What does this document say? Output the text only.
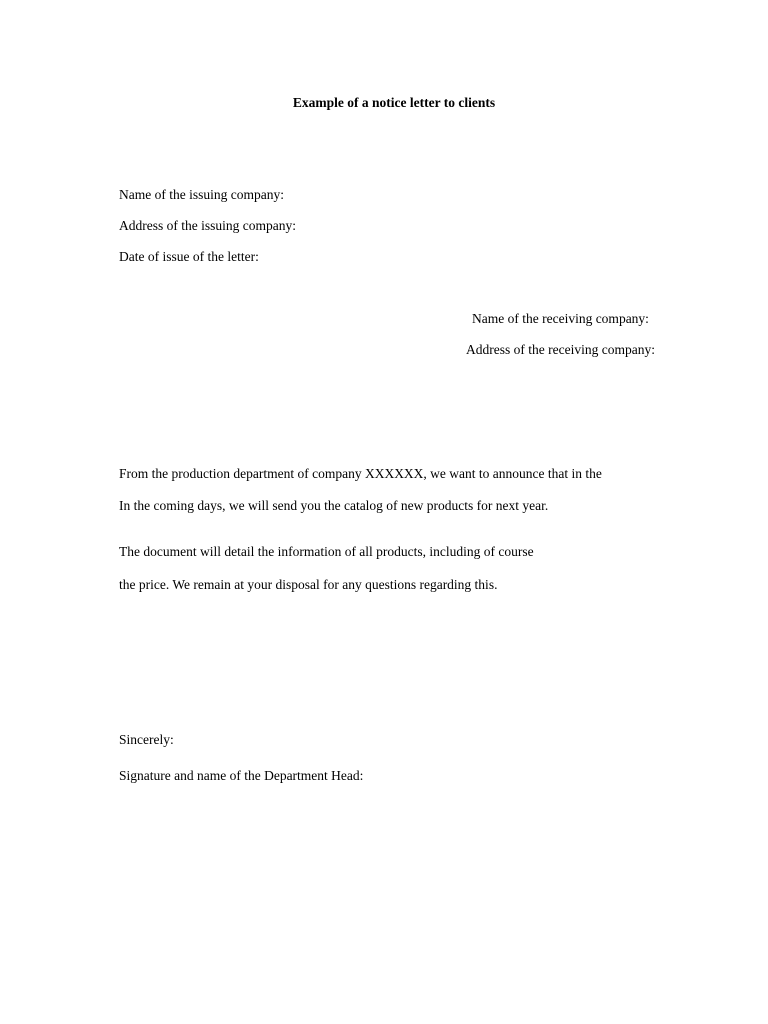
Example of a notice letter to clients
Name of the issuing company:
Address of the issuing company:
Date of issue of the letter:
Name of the receiving company:
Address of the receiving company:
From the production department of company XXXXXX, we want to announce that in the
In the coming days, we will send you the catalog of new products for next year.
The document will detail the information of all products, including of course
the price. We remain at your disposal for any questions regarding this.
Sincerely:
Signature and name of the Department Head:
